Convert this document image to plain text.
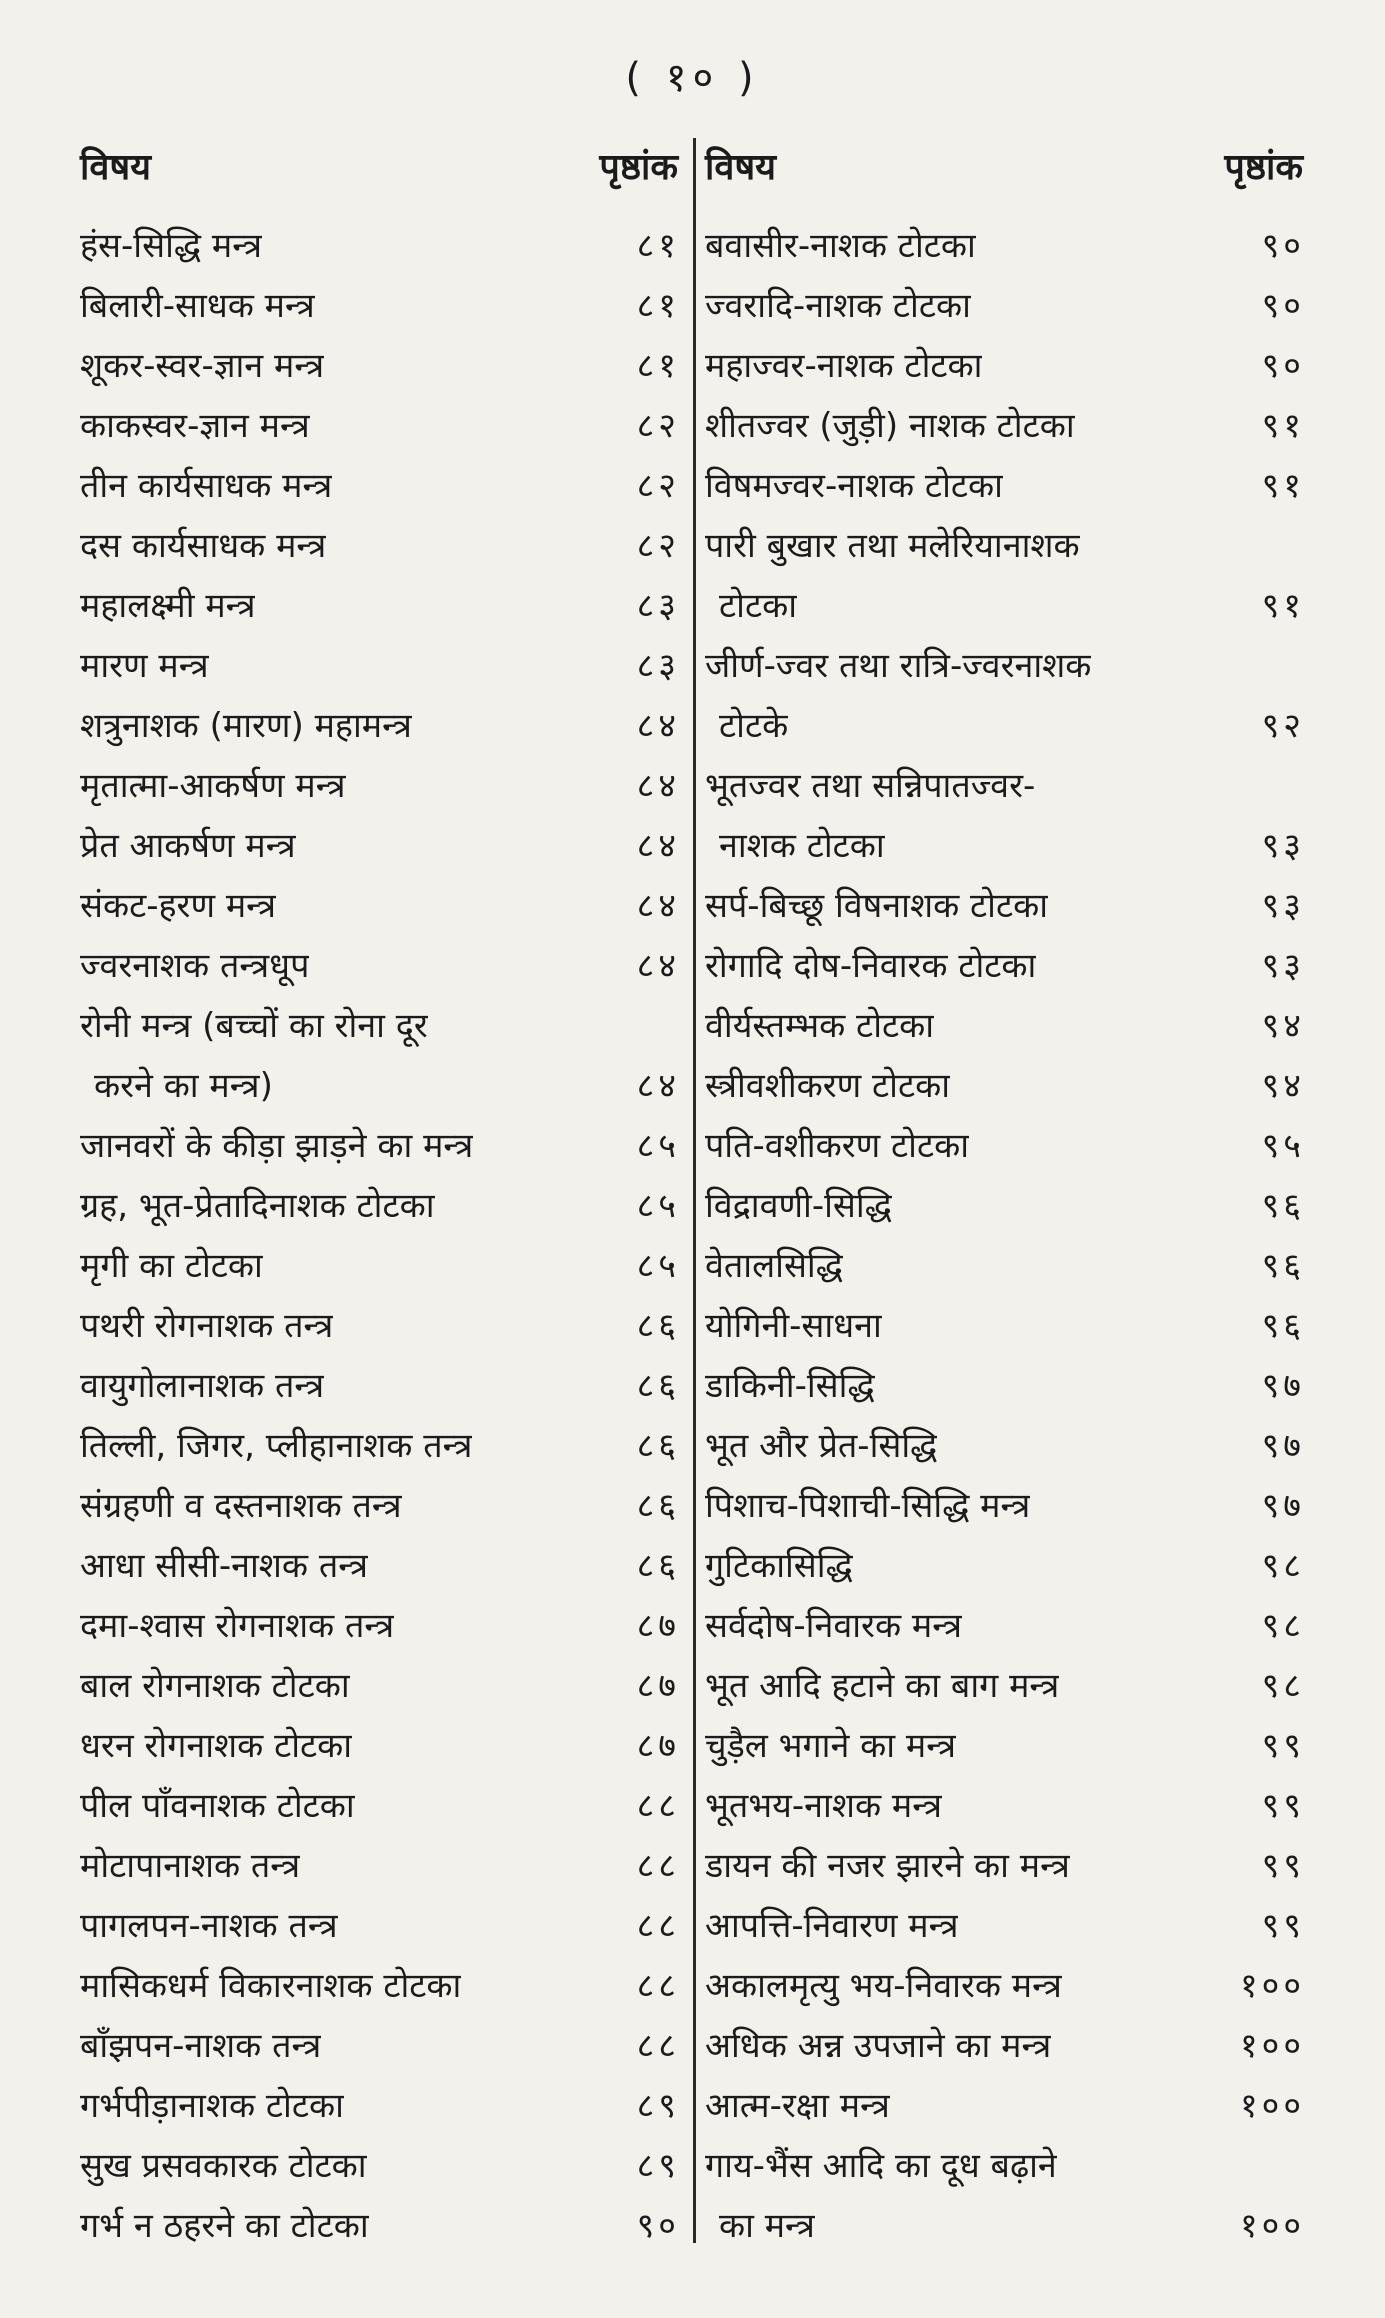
( १० )
विषय	पृष्ठांक
हंस-सिद्धि मन्त्र	८१
बिलारी-साधक मन्त्र	८१
शूकर-स्वर-ज्ञान मन्त्र	८१
काकस्वर-ज्ञान मन्त्र	८२
तीन कार्यसाधक मन्त्र	८२
दस कार्यसाधक मन्त्र	८२
महालक्ष्मी मन्त्र	८३
मारण मन्त्र	८३
शत्रुनाशक (मारण) महामन्त्र	८४
मृतात्मा-आकर्षण मन्त्र	८४
प्रेत आकर्षण मन्त्र	८४
संकट-हरण मन्त्र	८४
ज्वरनाशक तन्त्रधूप	८४
रोनी मन्त्र (बच्चों का रोना दूर
करने का मन्त्र)	८४
जानवरों के कीड़ा झाड़ने का मन्त्र	८५
ग्रह, भूत-प्रेतादिनाशक टोटका	८५
मृगी का टोटका	८५
पथरी रोगनाशक तन्त्र	८६
वायुगोलानाशक तन्त्र	८६
तिल्ली, जिगर, प्लीहानाशक तन्त्र	८६
संग्रहणी व दस्तनाशक तन्त्र	८६
आधा सीसी-नाशक तन्त्र	८६
दमा-श्वास रोगनाशक तन्त्र	८७
बाल रोगनाशक टोटका	८७
धरन रोगनाशक टोटका	८७
पील पाँवनाशक टोटका	८८
मोटापानाशक तन्त्र	८८
पागलपन-नाशक तन्त्र	८८
मासिकधर्म विकारनाशक टोटका	८८
बाँझपन-नाशक तन्त्र	८८
गर्भपीड़ानाशक टोटका	८९
सुख प्रसवकारक टोटका	८९
गर्भ न ठहरने का टोटका	९०
विषय	पृष्ठांक
बवासीर-नाशक टोटका	९०
ज्वरादि-नाशक टोटका	९०
महाज्वर-नाशक टोटका	९०
शीतज्वर (जुड़ी) नाशक टोटका	९१
विषमज्वर-नाशक टोटका	९१
पारी बुखार तथा मलेरियानाशक
टोटका	९१
जीर्ण-ज्वर तथा रात्रि-ज्वरनाशक
टोटके	९२
भूतज्वर तथा सन्निपातज्वर-
नाशक टोटका	९३
सर्प-बिच्छू विषनाशक टोटका	९३
रोगादि दोष-निवारक टोटका	९३
वीर्यस्तम्भक टोटका	९४
स्त्रीवशीकरण टोटका	९४
पति-वशीकरण टोटका	९५
विद्रावणी-सिद्धि	९६
वेतालसिद्धि	९६
योगिनी-साधना	९६
डाकिनी-सिद्धि	९७
भूत और प्रेत-सिद्धि	९७
पिशाच-पिशाची-सिद्धि मन्त्र	९७
गुटिकासिद्धि	९८
सर्वदोष-निवारक मन्त्र	९८
भूत आदि हटाने का बाग मन्त्र	९८
चुड़ैल भगाने का मन्त्र	९९
भूतभय-नाशक मन्त्र	९९
डायन की नजर झारने का मन्त्र	९९
आपत्ति-निवारण मन्त्र	९९
अकालमृत्यु भय-निवारक मन्त्र	१००
अधिक अन्न उपजाने का मन्त्र	१००
आत्म-रक्षा मन्त्र	१००
गाय-भैंस आदि का दूध बढ़ाने
का मन्त्र	१००
